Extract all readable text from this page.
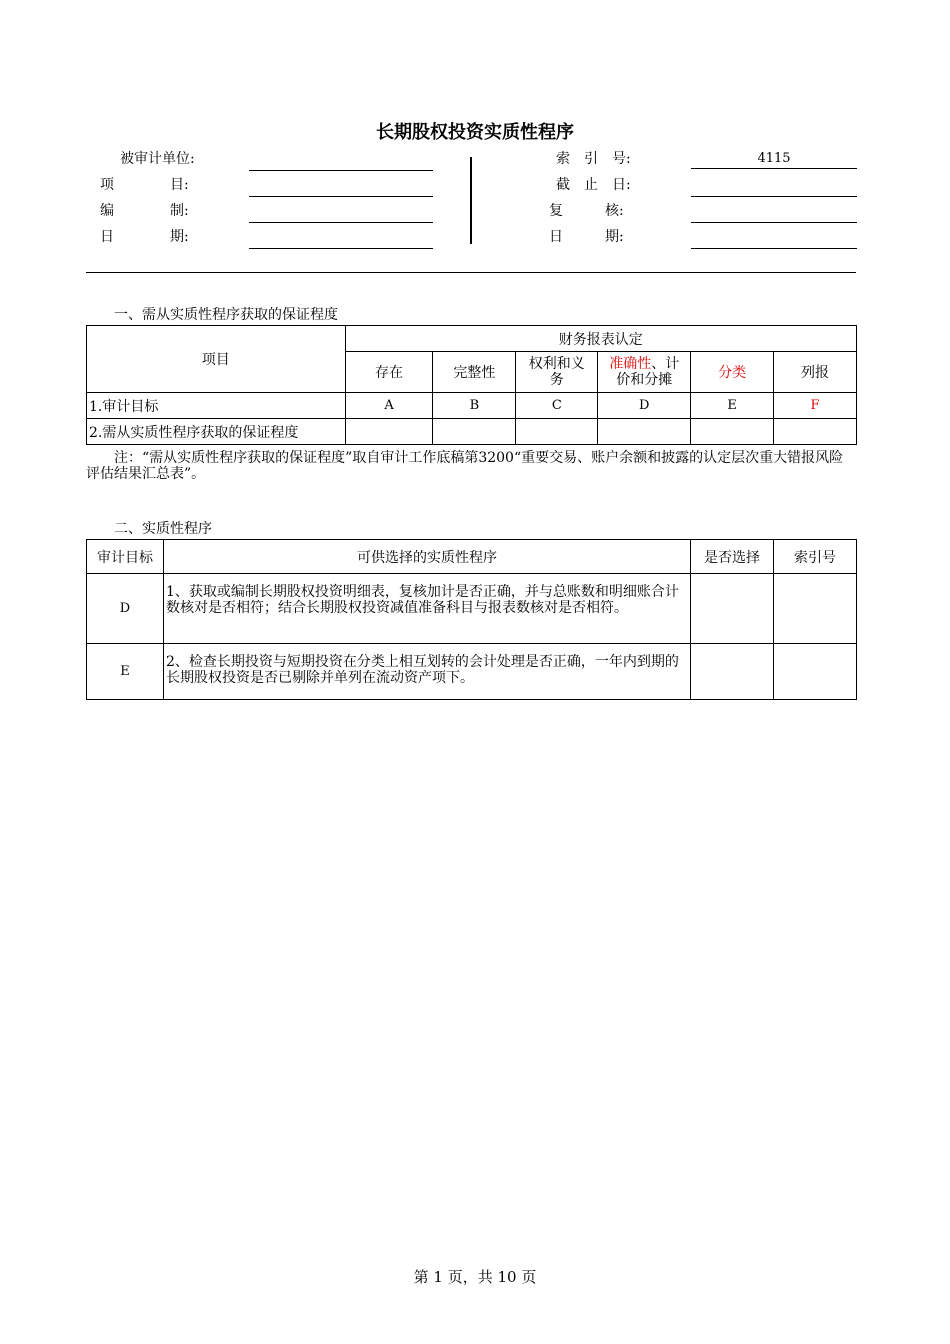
长期股权投资实质性程序
被审计单位:
项　　　　目:
编　　　　制:
日　　　　期:
索　引　号:	4115
截　止　日:
复　　　核:
日　　　期:
一、需从实质性程序获取的保证程度
项目	财务报表认定					
	存在	完整性	权利和义务	准确性、计价和分摊	分类	列报
1.审计目标	A	B	C	D	E	F
2.需从实质性程序获取的保证程度						
注：“需从实质性程序获取的保证程度”取自审计工作底稿第3200“重要交易、账户余额和披露的认定层次重大错报风险评估结果汇总表”。
二、实质性程序
审计目标	可供选择的实质性程序	是否选择	索引号
D	1、获取或编制长期股权投资明细表，复核加计是否正确，并与总账数和明细账合计数核对是否相符；结合长期股权投资减值准备科目与报表数核对是否相符。		
E	2、检查长期投资与短期投资在分类上相互划转的会计处理是否正确，一年内到期的长期股权投资是否已剔除并单列在流动资产项下。		
第 1 页，共 10 页
